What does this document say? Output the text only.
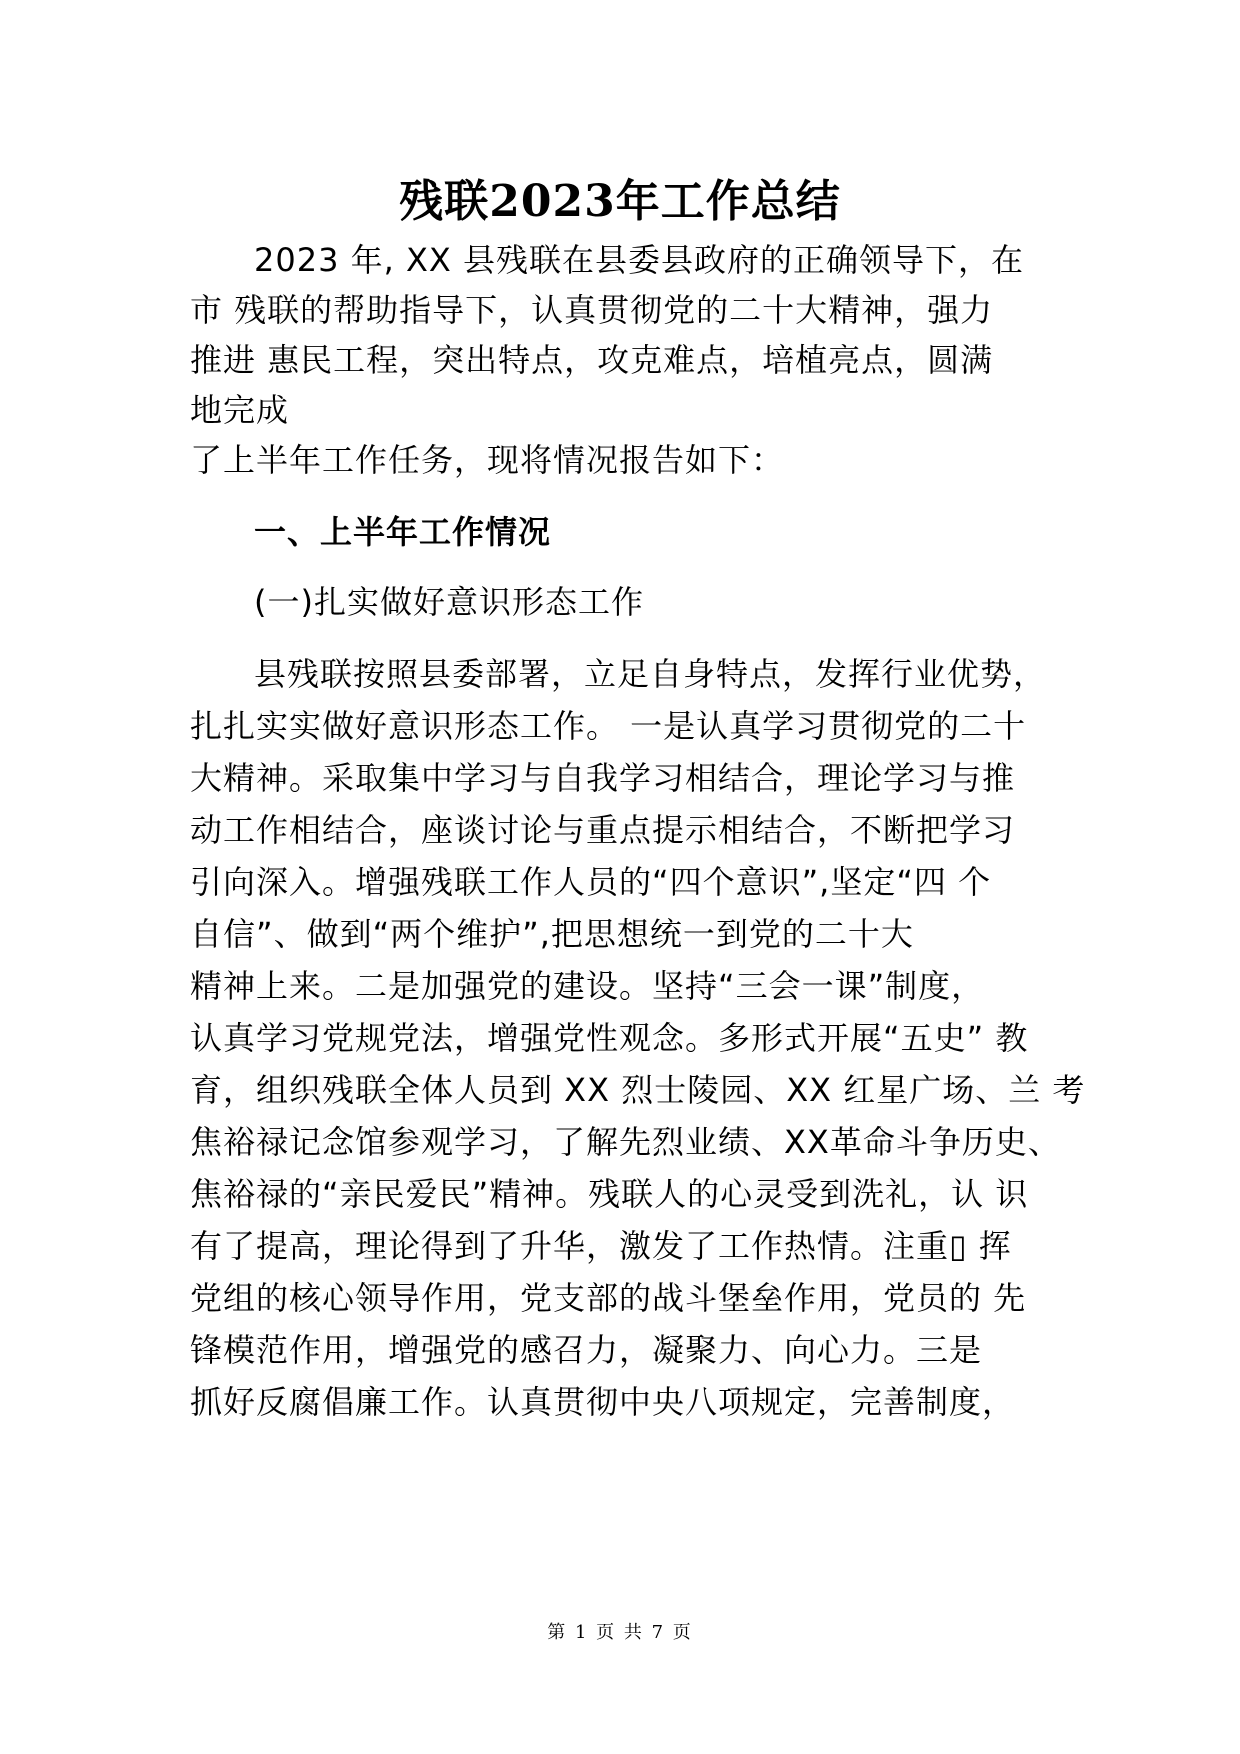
残联2023年工作总结
2023 年, XX 县残联在县委县政府的正确领导下，在
市 残联的帮助指导下，认真贯彻党的二十大精神，强力
推进 惠民工程，突出特点，攻克难点，培植亮点，圆满
地完成
了上半年工作任务，现将情况报告如下：
一、上半年工作情况
(一)扎实做好意识形态工作
县残联按照县委部署，立足自身特点，发挥行业优势，
扎扎实实做好意识形态工作。 一是认真学习贯彻党的二十
大精神。采取集中学习与自我学习相结合，理论学习与推
动工作相结合，座谈讨论与重点提示相结合，不断把学习
引向深入。增强残联工作人员的“四个意识”,坚定“四 个
自信”、做到“两个维护”,把思想统一到党的二十大
精神上来。二是加强党的建设。坚持“三会一课”制度，
认真学习党规党法，增强党性观念。多形式开展“五史” 教
育，组织残联全体人员到 XX 烈士陵园、XX 红星广场、兰 考
焦裕禄记念馆参观学习，了解先烈业绩、XX革命斗争历史、
焦裕禄的“亲民爱民”精神。残联人的心灵受到洗礼，认 识
有了提高，理论得到了升华，激发了工作热情。注重▯ 挥
党组的核心领导作用，党支部的战斗堡垒作用，党员的 先
锋模范作用，增强党的感召力，凝聚力、向心力。三是
抓好反腐倡廉工作。认真贯彻中央八项规定，完善制度，
第 1 页 共 7 页
